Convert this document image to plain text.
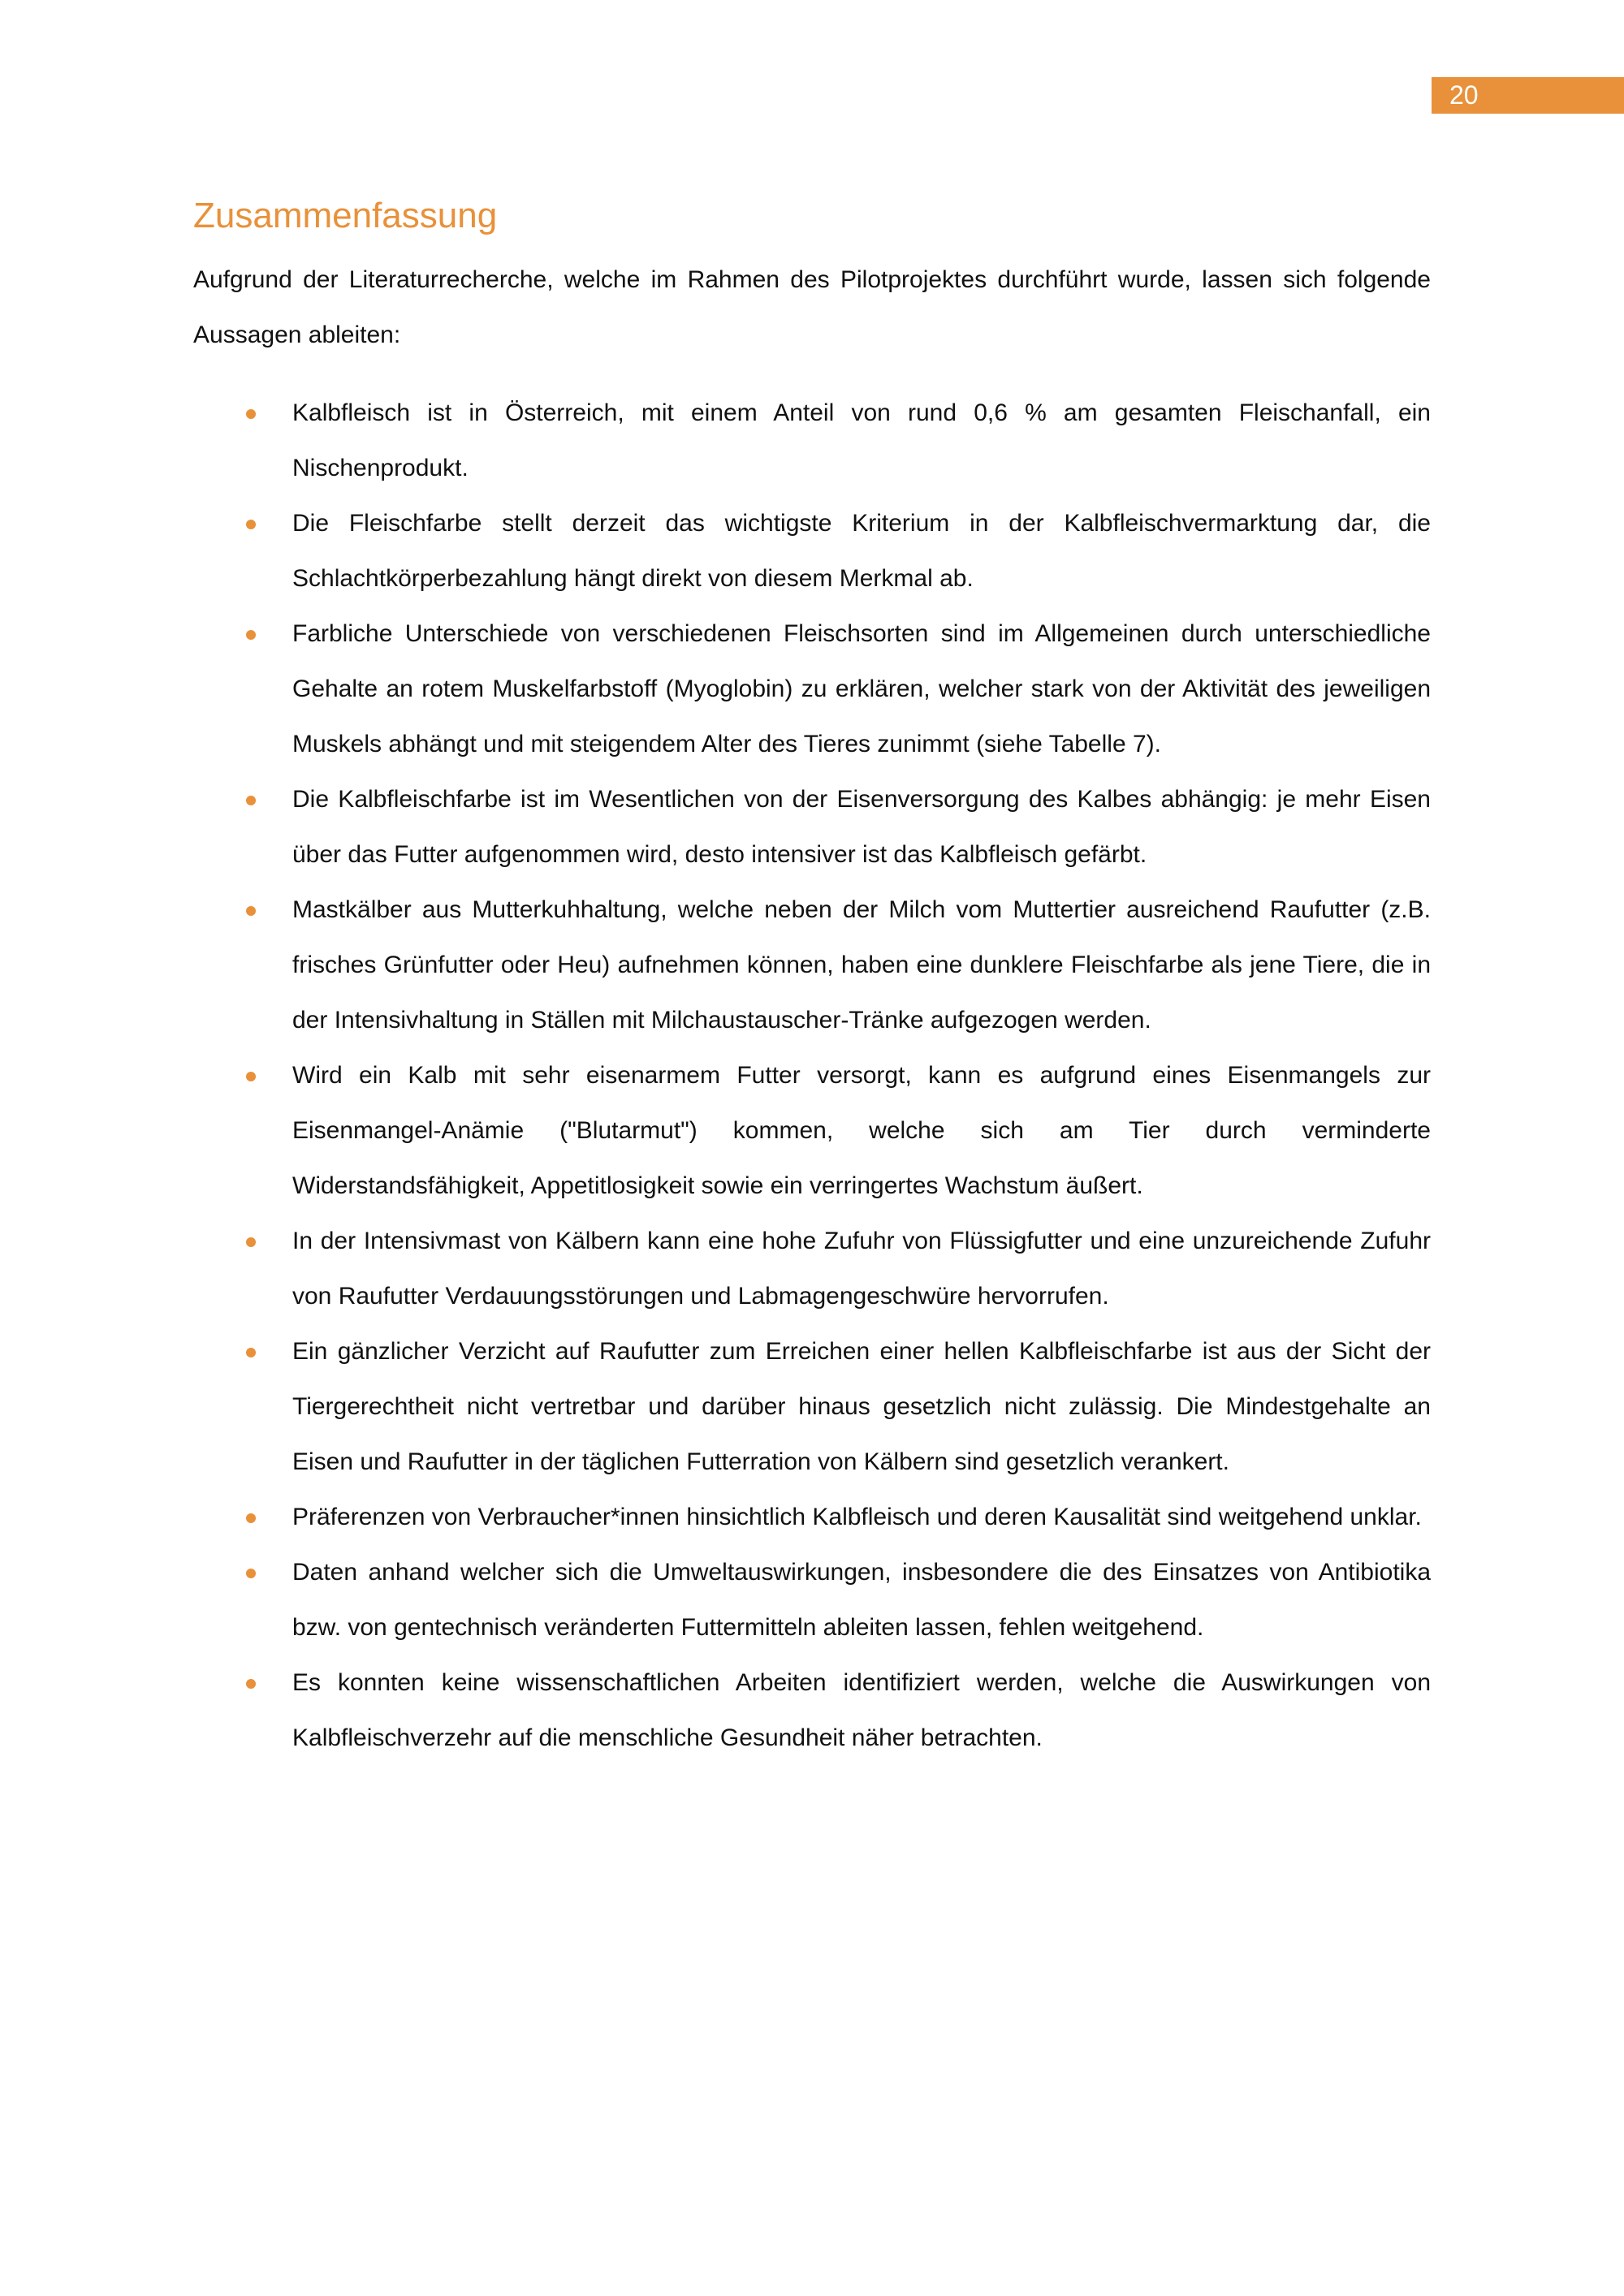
20
Zusammenfassung

Aufgrund der Literaturrecherche, welche im Rahmen des Pilotprojektes durchführt wurde, lassen sich folgende Aussagen ableiten:

Kalbfleisch ist in Österreich, mit einem Anteil von rund 0,6 % am gesamten Fleischanfall, ein Nischenprodukt.
Die Fleischfarbe stellt derzeit das wichtigste Kriterium in der Kalbfleischvermarktung dar, die Schlachtkörperbezahlung hängt direkt von diesem Merkmal ab.
Farbliche Unterschiede von verschiedenen Fleischsorten sind im Allgemeinen durch unterschiedliche Gehalte an rotem Muskelfarbstoff (Myoglobin) zu erklären, welcher stark von der Aktivität des jeweiligen Muskels abhängt und mit steigendem Alter des Tieres zunimmt (siehe Tabelle 7).
Die Kalbfleischfarbe ist im Wesentlichen von der Eisenversorgung des Kalbes abhängig: je mehr Eisen über das Futter aufgenommen wird, desto intensiver ist das Kalbfleisch gefärbt.
Mastkälber aus Mutterkuhhaltung, welche neben der Milch vom Muttertier ausreichend Raufutter (z.B. frisches Grünfutter oder Heu) aufnehmen können, haben eine dunklere Fleischfarbe als jene Tiere, die in der Intensivhaltung in Ställen mit Milchaustauscher-Tränke aufgezogen werden.
Wird ein Kalb mit sehr eisenarmem Futter versorgt, kann es aufgrund eines Eisenmangels zur Eisenmangel-Anämie ("Blutarmut") kommen, welche sich am Tier durch verminderte Widerstandsfähigkeit, Appetitlosigkeit sowie ein verringertes Wachstum äußert.
In der Intensivmast von Kälbern kann eine hohe Zufuhr von Flüssigfutter und eine unzureichende Zufuhr von Raufutter Verdauungsstörungen und Labmagengeschwüre hervorrufen.
Ein gänzlicher Verzicht auf Raufutter zum Erreichen einer hellen Kalbfleischfarbe ist aus der Sicht der Tiergerechtheit nicht vertretbar und darüber hinaus gesetzlich nicht zulässig. Die Mindestgehalte an Eisen und Raufutter in der täglichen Futterration von Kälbern sind gesetzlich verankert.
Präferenzen von Verbraucher*innen hinsichtlich Kalbfleisch und deren Kausalität sind weitgehend unklar.
Daten anhand welcher sich die Umweltauswirkungen, insbesondere die des Einsatzes von Antibiotika bzw. von gentechnisch veränderten Futtermitteln ableiten lassen, fehlen weitgehend.
Es konnten keine wissenschaftlichen Arbeiten identifiziert werden, welche die Auswirkungen von Kalbfleischverzehr auf die menschliche Gesundheit näher betrachten.
